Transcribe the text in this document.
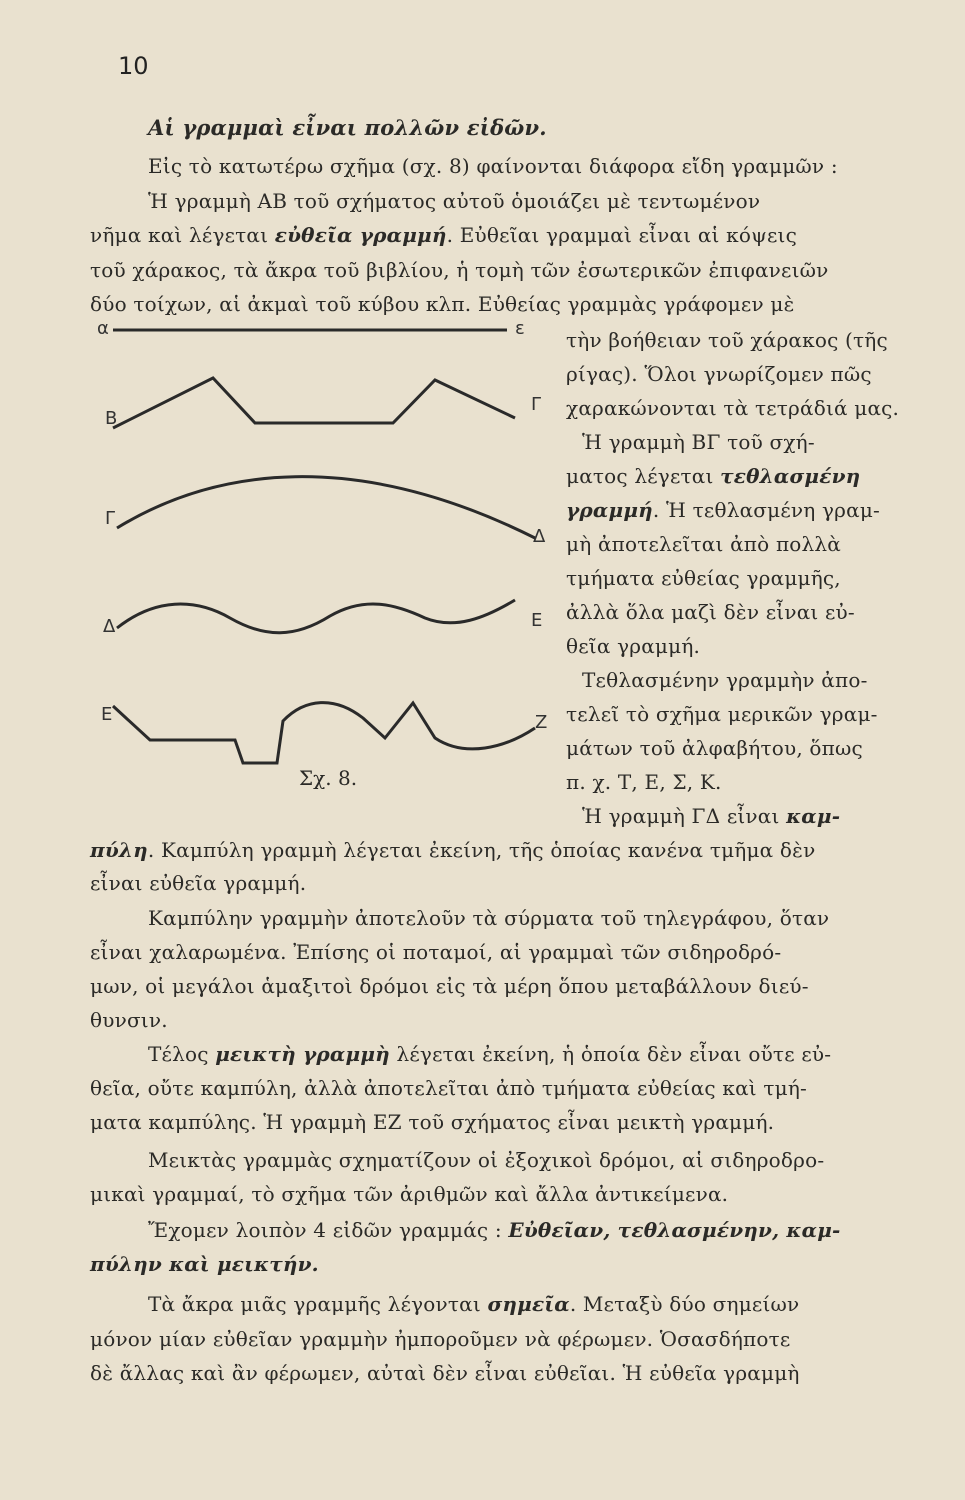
10
Αἱ γραμμαὶ εἶναι πολλῶν εἰδῶν.
Εἰς τὸ κατωτέρω σχῆμα (σχ. 8) φαίνονται διάφορα εἴδη γραμμῶν :
Ἡ γραμμὴ ΑΒ τοῦ σχήματος αὐτοῦ ὁμοιάζει μὲ τεντωμένον
νῆμα καὶ λέγεται εὐθεῖα γραμμή. Εὐθεῖαι γραμμαὶ εἶναι αἱ κόψεις
τοῦ χάρακος, τὰ ἄκρα τοῦ βιβλίου, ἡ τομὴ τῶν ἐσωτερικῶν ἐπιφανειῶν
δύο τοίχων, αἱ ἀκμαὶ τοῦ κύβου κλπ. Εὐθείας γραμμὰς γράφομεν μὲ
τὴν βοήθειαν τοῦ χάρακος (τῆς
ρίγας). Ὅλοι γνωρίζομεν πῶς
χαρακώνονται τὰ τετράδιά μας.
Ἡ γραμμὴ ΒΓ τοῦ σχή-
ματος λέγεται τεθλασμένη
γραμμή. Ἡ τεθλασμένη γραμ-
μὴ ἀποτελεῖται ἀπὸ πολλὰ
τμήματα εὐθείας γραμμῆς,
ἀλλὰ ὅλα μαζὶ δὲν εἶναι εὐ-
θεῖα γραμμή.
Τεθλασμένην γραμμὴν ἀπο-
τελεῖ τὸ σχῆμα μερικῶν γραμ-
μάτων τοῦ ἀλφαβήτου, ὅπως
π. χ. Τ, Ε, Σ, Κ.
Ἡ γραμμὴ ΓΔ εἶναι καμ-
πύλη. Καμπύλη γραμμὴ λέγεται ἐκείνη, τῆς ὁποίας κανένα τμῆμα δὲν
εἶναι εὐθεῖα γραμμή.
Καμπύλην γραμμὴν ἀποτελοῦν τὰ σύρματα τοῦ τηλεγράφου, ὅταν
εἶναι χαλαρωμένα. Ἐπίσης οἱ ποταμοί, αἱ γραμμαὶ τῶν σιδηροδρό-
μων, οἱ μεγάλοι ἁμαξιτοὶ δρόμοι εἰς τὰ μέρη ὅπου μεταβάλλουν διεύ-
θυνσιν.
Τέλος μεικτὴ γραμμὴ λέγεται ἐκείνη, ἡ ὁποία δὲν εἶναι οὔτε εὐ-
θεῖα, οὔτε καμπύλη, ἀλλὰ ἀποτελεῖται ἀπὸ τμήματα εὐθείας καὶ τμή-
ματα καμπύλης. Ἡ γραμμὴ ΕΖ τοῦ σχήματος εἶναι μεικτὴ γραμμή.
Μεικτὰς γραμμὰς σχηματίζουν οἱ ἐξοχικοὶ δρόμοι, αἱ σιδηροδρο-
μικαὶ γραμμαί, τὸ σχῆμα τῶν ἀριθμῶν καὶ ἄλλα ἀντικείμενα.
Ἔχομεν λοιπὸν 4 εἰδῶν γραμμάς : Εὐθεῖαν, τεθλασμένην, καμ-
πύλην καὶ μεικτήν.
Τὰ ἄκρα μιᾶς γραμμῆς λέγονται σημεῖα. Μεταξὺ δύο σημείων
μόνον μίαν εὐθεῖαν γραμμὴν ἠμποροῦμεν νὰ φέρωμεν. Ὁσασδήποτε
δὲ ἄλλας καὶ ἂν φέρωμεν, αὐταὶ δὲν εἶναι εὐθεῖαι. Ἡ εὐθεῖα γραμμὴ
α	ε
Β
Γ
Γ
Δ
Δ	Ε
Ε	Ζ
Σχ. 8.
